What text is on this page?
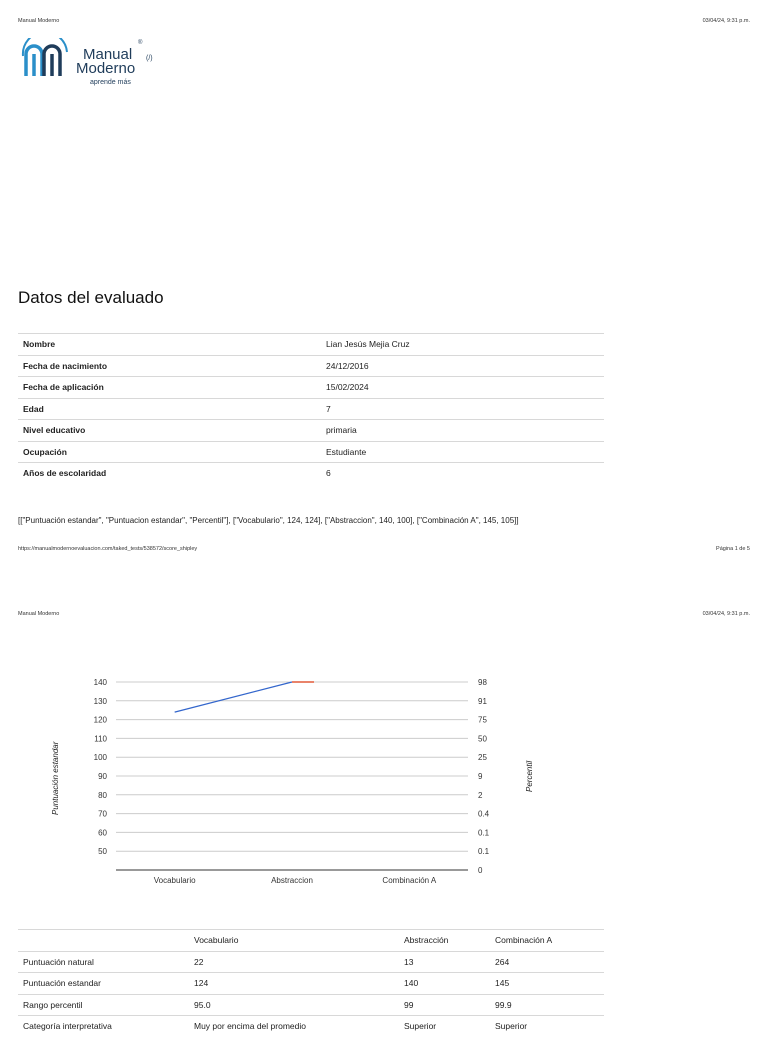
Manual Moderno	03/04/24, 9:31 p.m.
Manual
Moderno
®
(/)
aprende más
Datos del evaluado
Nombre	Lian Jesús Mejia Cruz
Fecha de nacimiento	24/12/2016
Fecha de aplicación	15/02/2024
Edad	7
Nivel educativo	primaria
Ocupación	Estudiante
Años de escolaridad	6
[["Puntuación estandar", "Puntuacion estandar", "Percentil"], ["Vocabulario", 124, 124], ["Abstraccion", 140, 100], ["Combinación A", 145, 105]]
https://manualmodernoevaluacion.com/taked_tests/538572/score_shipley	Página 1 de 5
Manual Moderno	03/04/24, 9:31 p.m.
140
130
120
110
100
90
80
70
60
50
98
91
75
50
25
9
2
0.4
0.1
0.1
0
Vocabulario	Abstraccion	Combinación A
Puntuación estandar	Percentil
	Vocabulario	Abstracción	Combinación A
Puntuación natural	22	13	264
Puntuación estandar	124	140	145
Rango percentil	95.0	99	99.9
Categoría interpretativa	Muy por encima del promedio	Superior	Superior
